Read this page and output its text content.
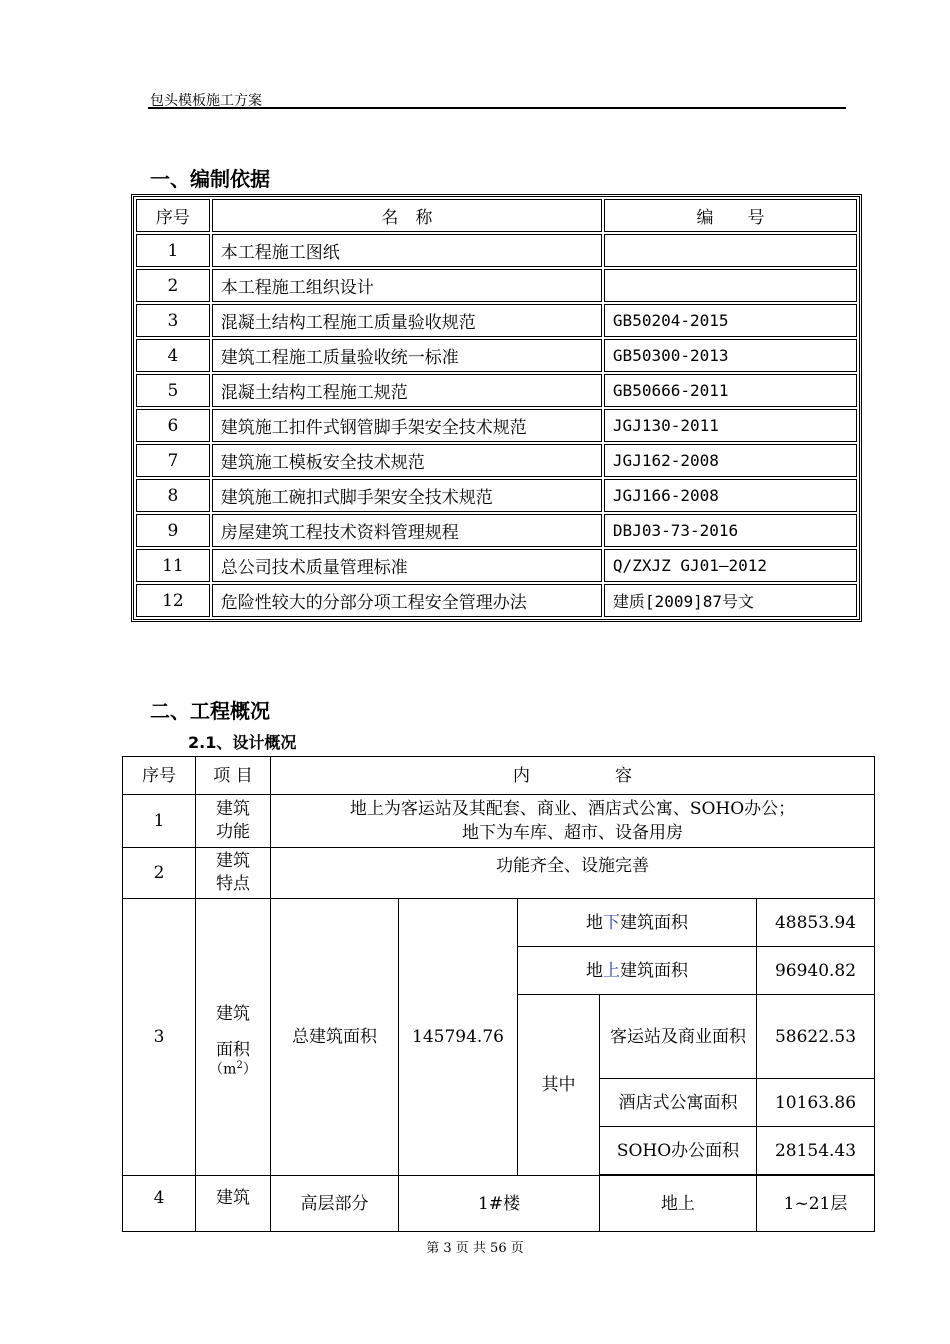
包头模板施工方案
一、编制依据
序号	名　称	编　　号
1	本工程施工图纸	
2	本工程施工组织设计	
3	混凝土结构工程施工质量验收规范	GB50204-2015
4	建筑工程施工质量验收统一标准	GB50300-2013
5	混凝土结构工程施工规范	GB50666-2011
6	建筑施工扣件式钢管脚手架安全技术规范	JGJ130-2011
7	建筑施工模板安全技术规范	JGJ162-2008
8	建筑施工碗扣式脚手架安全技术规范	JGJ166-2008
9	房屋建筑工程技术资料管理规程	DBJ03-73-2016
11	总公司技术质量管理标准	Q/ZXJZ GJ01—2012
12	危险性较大的分部分项工程安全管理办法	建质[2009]87号文
二、工程概况
2.1、设计概况
序号	项 目	内　　　　　容				
1	建筑功能	地上为客运站及其配套、商业、酒店式公寓、SOHO办公；
地下为车库、超市、设备用房				

2	建筑特点	功能齐全、设施完善				
3	建筑
面积
$(m^2)$	总建筑面积	145794.76	地下建筑面积		48853.94
				地上建筑面积		96940.82
				其中	客运站及商业面积	58622.53
					酒店式公寓面积	10163.86
					SOHO办公面积	28154.43

4	建筑	高层部分	1#楼		地上	1~21层
第 3 页 共 56 页
